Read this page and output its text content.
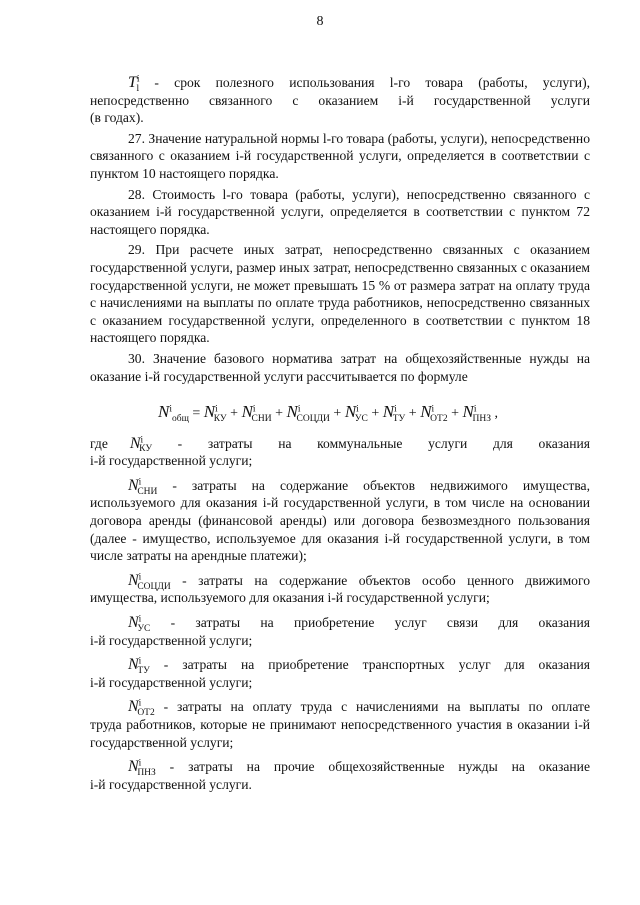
8

$T^i_l$ - срок полезного использования l-го товара (работы, услуги),

непосредственно связанного с оказанием i-й государственной услуги

(в годах).

27. Значение натуральной нормы l-го товара (работы, услуги), непосредственно связанного с оказанием i-й государственной услуги, определяется в соответствии с пунктом 10 настоящего порядка.

28. Стоимость l-го товара (работы, услуги), непосредственно связанного с оказанием i-й государственной услуги, определяется в соответствии с пунктом 72 настоящего порядка.

29. При расчете иных затрат, непосредственно связанных с оказанием государственной услуги, размер иных затрат, непосредственно связанных с оказанием государственной услуги, не может превышать 15 % от размера затрат на оплату труда с начислениями на выплаты по оплате труда работников, непосредственно связанных с оказанием государственной услуги, определенного в соответствии с пунктом 18 настоящего порядка.

30. Значение базового норматива затрат на общехозяйственные нужды на оказание i-й государственной услуги рассчитывается по формуле

$N^i_{общ} = N^i_{КУ} + N^i_{СНИ} + N^i_{СОЦДИ} + N^i_{УС} + N^i_{ТУ} + N^i_{ОТ2} + N^i_{ПНЗ}$ ,

где $N^i_{КУ}$ - затраты на коммунальные услуги для оказания

i-й государственной услуги;

$N^i_{СНИ}$ - затраты на содержание объектов недвижимого имущества,

используемого для оказания i-й государственной услуги, в том числе на основании договора аренды (финансовой аренды) или договора безвозмездного пользования (далее - имущество, используемое для оказания i-й государственной услуги, в том числе затраты на арендные платежи);

$N^i_{СОЦДИ}$ - затраты на содержание объектов особо ценного движимого

имущества, используемого для оказания i-й государственной услуги;

$N^i_{УС}$ - затраты на приобретение услуг связи для оказания

i-й государственной услуги;

$N^i_{ТУ}$ - затраты на приобретение транспортных услуг для оказания

i-й государственной услуги;

$N^i_{ОТ2}$ - затраты на оплату труда с начислениями на выплаты по оплате

труда работников, которые не принимают непосредственного участия в оказании i-й государственной услуги;

$N^i_{ПНЗ}$ - затраты на прочие общехозяйственные нужды на оказание

i-й государственной услуги.
